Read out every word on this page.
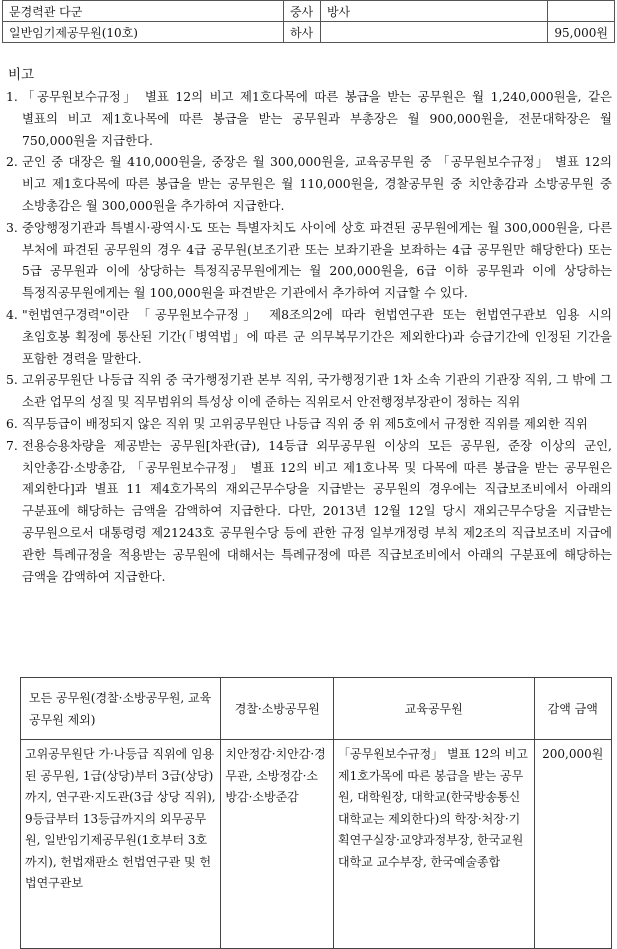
문경력관 다군	중사	방사	
일반임기제공무원(10호)	하사		95,000원
비고
1. 「공무원보수규정」 별표 12의 비고 제1호다목에 따른 봉급을 받는 공무원은 월 1,240,000원을, 같은 별표의 비고 제1호나목에 따른 봉급을 받는 공무원과 부총장은 월 900,000원을, 전문대학장은 월 750,000원을 지급한다.
2. 군인 중 대장은 월 410,000원을, 중장은 월 300,000원을, 교육공무원 중 「공무원보수규정」 별표 12의 비고 제1호다목에 따른 봉급을 받는 공무원은 월 110,000원을, 경찰공무원 중 치안총감과 소방공무원 중 소방총감은 월 300,000원을 추가하여 지급한다.
3. 중앙행정기관과 특별시·광역시·도 또는 특별자치도 사이에 상호 파견된 공무원에게는 월 300,000원을, 다른 부처에 파견된 공무원의 경우 4급 공무원(보조기관 또는 보좌기관을 보좌하는 4급 공무원만 해당한다) 또는 5급 공무원과 이에 상당하는 특정직공무원에게는 월 200,000원을, 6급 이하 공무원과 이에 상당하는 특정직공무원에게는 월 100,000원을 파견받은 기관에서 추가하여 지급할 수 있다.
4. "헌법연구경력"이란 「공무원보수규정」 제8조의2에 따라 헌법연구관 또는 헌법연구관보 임용 시의 초임호봉 획정에 통산된 기간(「병역법」에 따른 군 의무복무기간은 제외한다)과 승급기간에 인정된 기간을 포함한 경력을 말한다.
5. 고위공무원단 나등급 직위 중 국가행정기관 본부 직위, 국가행정기관 1차 소속 기관의 기관장 직위, 그 밖에 그 소관 업무의 성질 및 직무범위의 특성상 이에 준하는 직위로서 안전행정부장관이 정하는 직위
6. 직무등급이 배정되지 않은 직위 및 고위공무원단 나등급 직위 중 위 제5호에서 규정한 직위를 제외한 직위
7. 전용승용차량을 제공받는 공무원[차관(급), 14등급 외무공무원 이상의 모든 공무원, 준장 이상의 군인, 치안총감·소방총감, 「공무원보수규정」 별표 12의 비고 제1호나목 및 다목에 따른 봉급을 받는 공무원은 제외한다]과 별표 11 제4호가목의 재외근무수당을 지급받는 공무원의 경우에는 직급보조비에서 아래의 구분표에 해당하는 금액을 감액하여 지급한다. 다만, 2013년 12월 12일 당시 재외근무수당을 지급받는 공무원으로서 대통령령 제21243호 공무원수당 등에 관한 규정 일부개정령 부칙 제2조의 직급보조비 지급에 관한 특례규정을 적용받는 공무원에 대해서는 특례규정에 따른 직급보조비에서 아래의 구분표에 해당하는 금액을 감액하여 지급한다.
모든 공무원(경찰·소방공무원, 교육공무원 제외)	경찰·소방공무원	교육공무원	감액 금액
고위공무원단 가·나등급 직위에 임용된 공무원, 1급(상당)부터 3급(상당)까지, 연구관·지도관(3급 상당 직위), 9등급부터 13등급까지의 외무공무원, 일반임기제공무원(1호부터 3호까지), 헌법재판소 헌법연구관 및 헌법연구관보	치안정감·치안감·경무관, 소방정감·소방감·소방준감	「공무원보수규정」 별표 12의 비고 제1호가목에 따른 봉급을 받는 공무원, 대학원장, 대학교(한국방송통신대학교는 제외한다)의 학장·처장·기획연구실장·교양과정부장, 한국교원대학교 교수부장, 한국예술종합	200,000원
